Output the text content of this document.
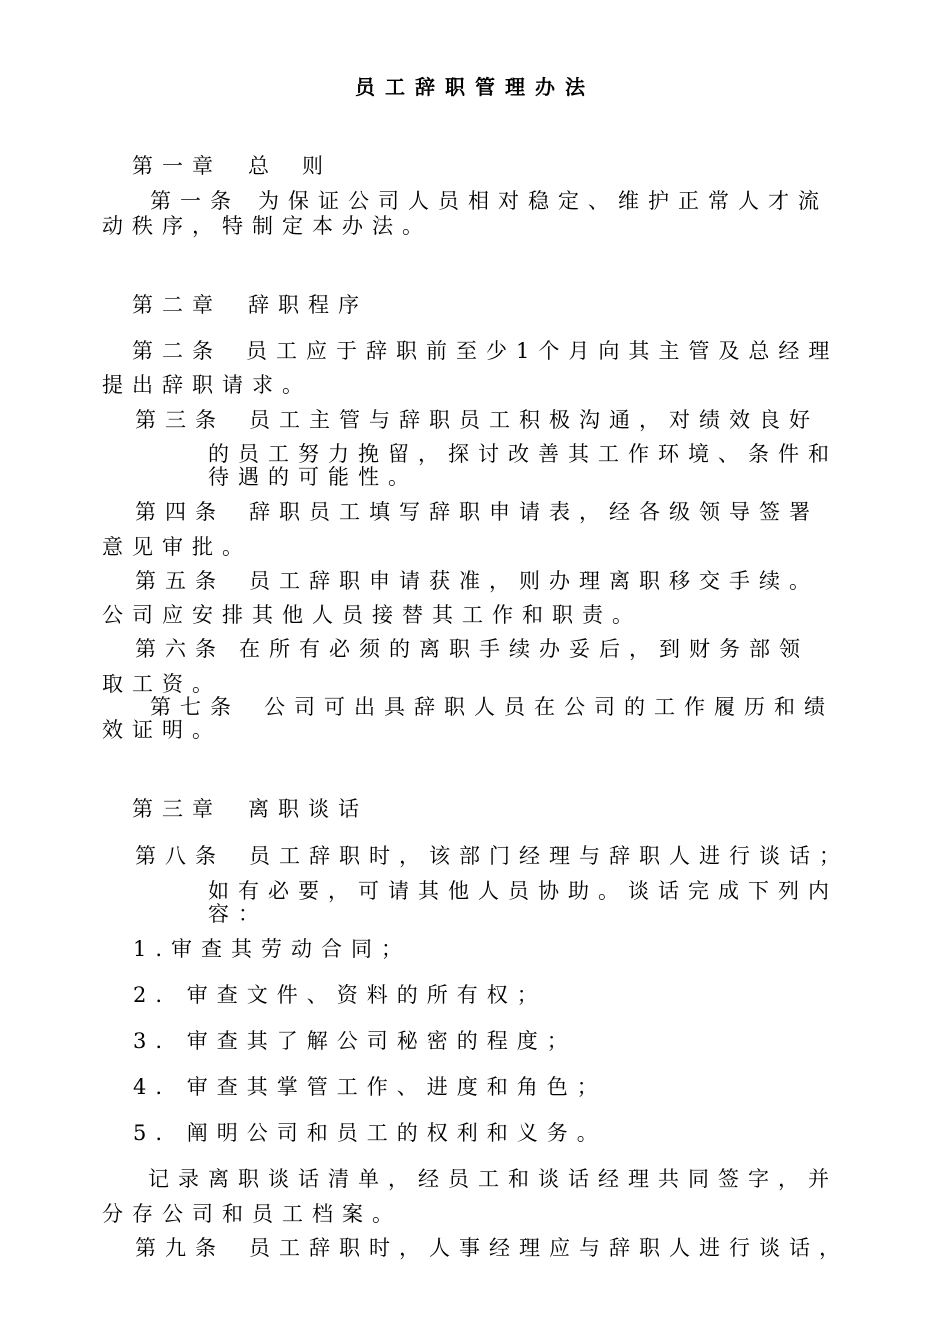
员工辞职管理办法
第一章 总 则
第一条 为保证公司人员相对稳定、维护正常人才流
动秩序，特制定本办法。
第二章 辞职程序
第二条 员工应于辞职前至少1个月向其主管及总经理
提出辞职请求。
第三条 员工主管与辞职员工积极沟通，对绩效良好
的员工努力挽留，探讨改善其工作环境、条件和
待遇的可能性。
第四条 辞职员工填写辞职申请表，经各级领导签署
意见审批。
第五条 员工辞职申请获准，则办理离职移交手续。
公司应安排其他人员接替其工作和职责。
第六条 在所有必须的离职手续办妥后，到财务部领
取工资。
第七条 公司可出具辞职人员在公司的工作履历和绩
效证明。
第三章 离职谈话
第八条 员工辞职时，该部门经理与辞职人进行谈话；
如有必要，可请其他人员协助。谈话完成下列内
容：
1.审查其劳动合同；
2. 审查文件、资料的所有权；
3. 审查其了解公司秘密的程度；
4. 审查其掌管工作、进度和角色；
5. 阐明公司和员工的权利和义务。
记录离职谈话清单，经员工和谈话经理共同签字，并
分存公司和员工档案。
第九条 员工辞职时，人事经理应与辞职人进行谈话，
